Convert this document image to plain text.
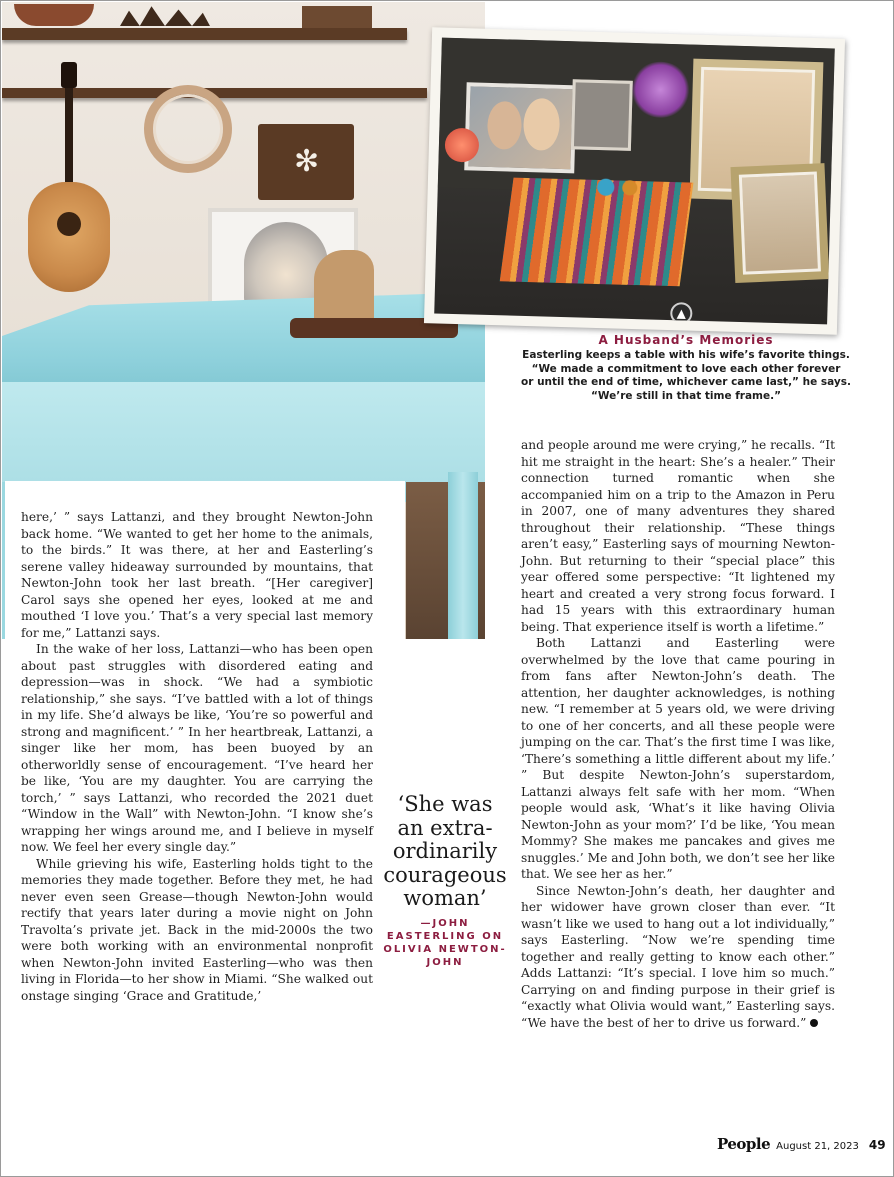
✻
▲
A Husband’s Memories
Easterling keeps a table with his wife’s favorite things.
“We made a commitment to love each other forever
or until the end of time, whichever came last,” he says.
“We’re still in that time frame.”

here,’ ” says Lattanzi, and they brought Newton-John back home. “We wanted to get her home to the animals, to the birds.” It was there, at her and Easterling’s serene valley hideaway surrounded by mountains, that Newton-John took her last breath. “[Her caregiver] Carol says she opened her eyes, looked at me and mouthed ‘I love you.’ That’s a very special last memory for me,” Lattanzi says.

In the wake of her loss, Lattanzi—who has been open about past struggles with disordered eating and depression—was in shock. “We had a symbiotic relationship,” she says. “I’ve battled with a lot of things in my life. She’d always be like, ‘You’re so powerful and strong and magnificent.’ ” In her heartbreak, Lattanzi, a singer like her mom, has been buoyed by an otherworldly sense of encouragement. “I’ve heard her be like, ‘You are my daughter. You are carrying the torch,’ ” says Lattanzi, who recorded the 2021 duet “Window in the Wall” with Newton-John. “I know she’s wrapping her wings around me, and I believe in myself now. We feel her every single day.”

While grieving his wife, Easterling holds tight to the memories they made together. Before they met, he had never even seen Grease—though Newton-John would rectify that years later during a movie night on John Travolta’s private jet. Back in the mid-2000s the two were both working with an environmental nonprofit when Newton-John invited Easterling—who was then living in Florida—to her show in Miami. “She walked out onstage singing ‘Grace and Gratitude,’

‘She was an extra-ordinarily courageous woman’
—JOHN EASTERLING ON OLIVIA NEWTON-JOHN

and people around me were crying,” he recalls. “It hit me straight in the heart: She’s a healer.” Their connection turned romantic when she accompanied him on a trip to the Amazon in Peru in 2007, one of many adventures they shared throughout their relationship. “These things aren’t easy,” Easterling says of mourning Newton-John. But returning to their “special place” this year offered some perspective: “It lightened my heart and created a very strong focus forward. I had 15 years with this extraordinary human being. That experience itself is worth a lifetime.”

Both Lattanzi and Easterling were overwhelmed by the love that came pouring in from fans after Newton-John’s death. The attention, her daughter acknowledges, is nothing new. “I remember at 5 years old, we were driving to one of her concerts, and all these people were jumping on the car. That’s the first time I was like, ‘There’s something a little different about my life.’ ” But despite Newton-John’s superstardom, Lattanzi always felt safe with her mom. “When people would ask, ‘What’s it like having Olivia Newton-John as your mom?’ I’d be like, ‘You mean Mommy? She makes me pancakes and gives me snuggles.’ Me and John both, we don’t see her like that. We see her as her.”

Since Newton-John’s death, her daughter and her widower have grown closer than ever. “It wasn’t like we used to hang out a lot individually,” says Easterling. “Now we’re spending time together and really getting to know each other.” Adds Lattanzi: “It’s special. I love him so much.” Carrying on and finding purpose in their grief is “exactly what Olivia would want,” Easterling says. “We have the best of her to drive us forward.”

People August 21, 2023 49
